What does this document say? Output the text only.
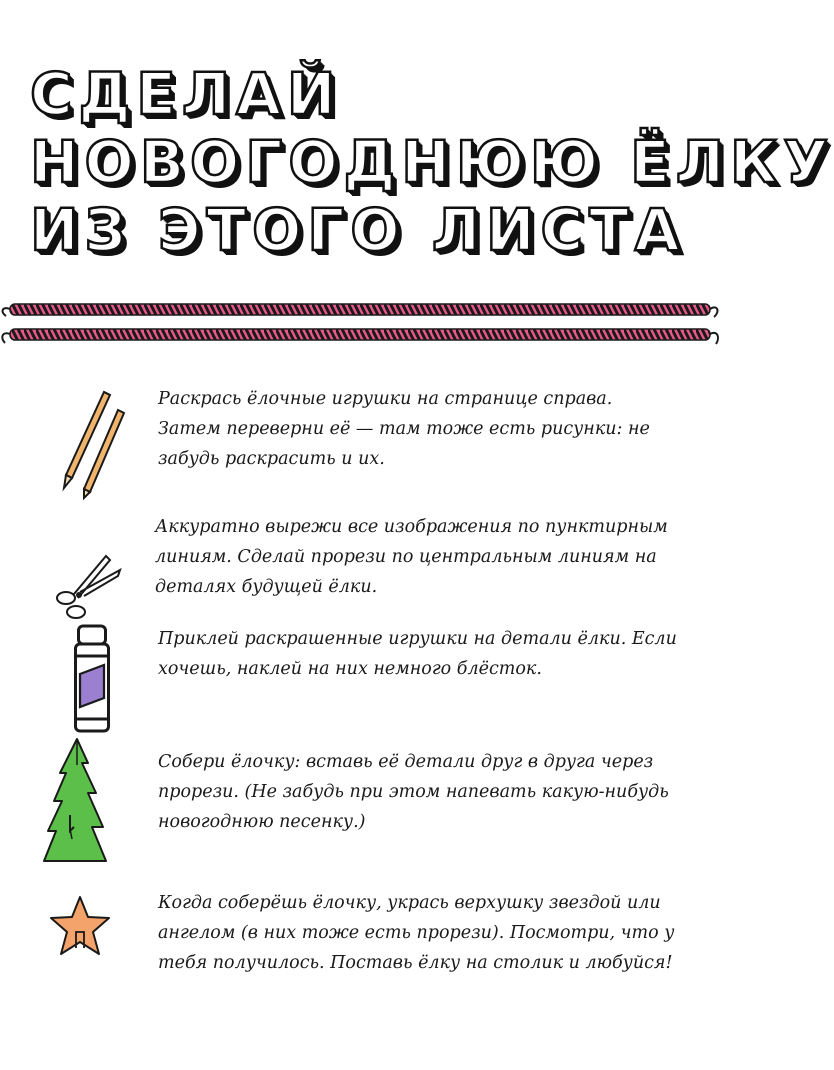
СДЕЛАЙ
НОВОГОДНЮЮ ЁЛКУ
ИЗ ЭТОГО ЛИСТА

Раскрась ёлочные игрушки на странице справа. Затем переверни её — там тоже есть рисунки: не забудь раскрасить и их.

Аккуратно вырежи все изображения по пунктирным линиям. Сделай прорези по центральным линиям на деталях будущей ёлки.

Приклей раскрашенные игрушки на детали ёлки. Если хочешь, наклей на них немного блёсток.

Собери ёлочку: вставь её детали друг в друга через прорези. (Не забудь при этом напевать какую-нибудь новогоднюю песенку.)

Когда соберёшь ёлочку, укрась верхушку звездой или ангелом (в них тоже есть прорези). Посмотри, что у тебя получилось. Поставь ёлку на столик и любуйся!
